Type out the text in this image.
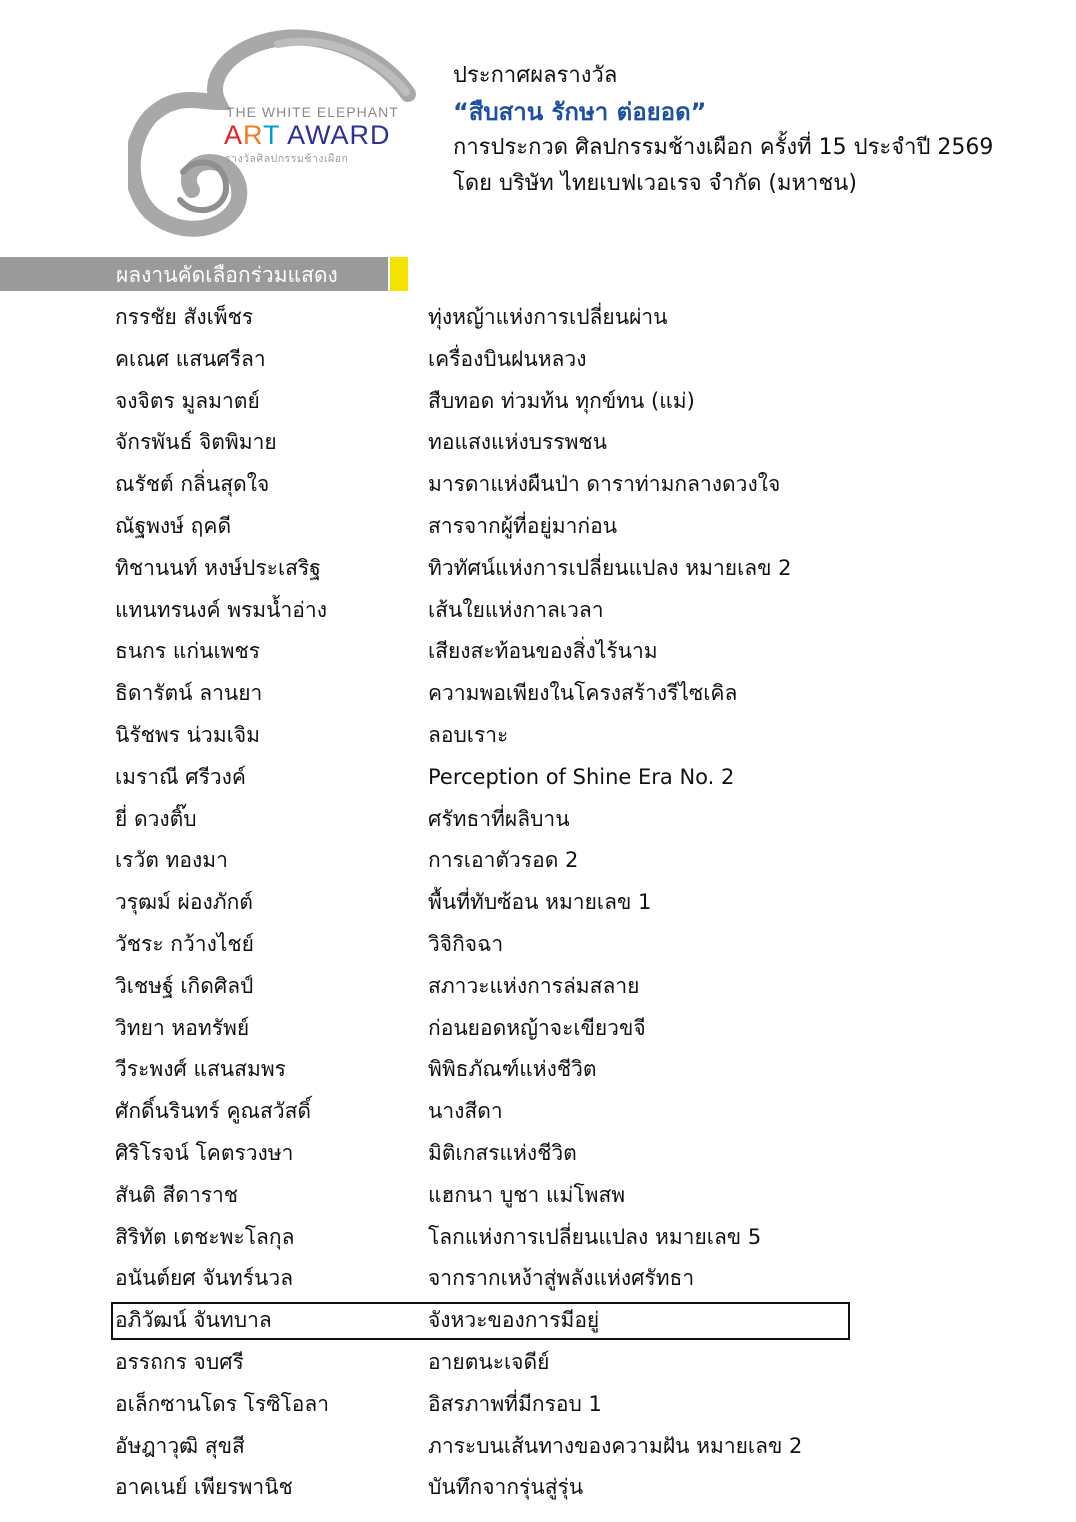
THE WHITE ELEPHANT
ART AWARD
รางวัลศิลปกรรมช้างเผือก
ประกาศผลรางวัล
“สืบสาน รักษา ต่อยอด”
การประกวด ศิลปกรรมช้างเผือก ครั้งที่ 15 ประจำปี 2569
โดย บริษัท ไทยเบฟเวอเรจ จำกัด (มหาชน)
ผลงานคัดเลือกร่วมแสดง
กรรชัย สังเพ็ชร	ทุ่งหญ้าแห่งการเปลี่ยนผ่าน
คเณศ แสนศรีลา	เครื่องบินฝนหลวง
จงจิตร มูลมาตย์	สืบทอด ท่วมท้น ทุกข์ทน (แม่)
จักรพันธ์ จิตพิมาย	ทอแสงแห่งบรรพชน
ณรัชต์ กลิ่นสุดใจ	มารดาแห่งผืนป่า ดาราท่ามกลางดวงใจ
ณัฐพงษ์ ฤคดี	สารจากผู้ที่อยู่มาก่อน
ทิชานนท์ หงษ์ประเสริฐ	ทิวทัศน์แห่งการเปลี่ยนแปลง หมายเลข 2
แทนทรนงค์ พรมน้ำอ่าง	เส้นใยแห่งกาลเวลา
ธนกร แก่นเพชร	เสียงสะท้อนของสิ่งไร้นาม
ธิดารัตน์ ลานยา	ความพอเพียงในโครงสร้างรีไซเคิล
นิรัชพร น่วมเจิม	ลอบเราะ
เมราณี ศรีวงค์	Perception of Shine Era No. 2
ยี่ ดวงติ๊บ	ศรัทธาที่ผลิบาน
เรวัต ทองมา	การเอาตัวรอด 2
วรุฒม์ ผ่องภักต์	พื้นที่ทับซ้อน หมายเลข 1
วัชระ กว้างไชย์	วิจิกิจฉา
วิเชษฐ์ เกิดศิลป์	สภาวะแห่งการล่มสลาย
วิทยา หอทรัพย์	ก่อนยอดหญ้าจะเขียวขจี
วีระพงศ์ แสนสมพร	พิพิธภัณฑ์แห่งชีวิต
ศักดิ์นรินทร์ คูณสวัสดิ์	นางสีดา
ศิริโรจน์ โคตรวงษา	มิติเกสรแห่งชีวิต
สันติ สีดาราช	แฮกนา บูชา แม่โพสพ
สิริทัต เตชะพะโลกุล	โลกแห่งการเปลี่ยนแปลง หมายเลข 5
อนันต์ยศ จันทร์นวล	จากรากเหง้าสู่พลังแห่งศรัทธา
อภิวัฒน์ จันทบาล	จังหวะของการมีอยู่
อรรถกร จบศรี	อายตนะเจดีย์
อเล็กซานโดร โรซิโอลา	อิสรภาพที่มีกรอบ 1
อัษฎาวุฒิ สุขสี	ภาระบนเส้นทางของความฝัน หมายเลข 2
อาคเนย์ เพียรพานิช	บันทึกจากรุ่นสู่รุ่น
